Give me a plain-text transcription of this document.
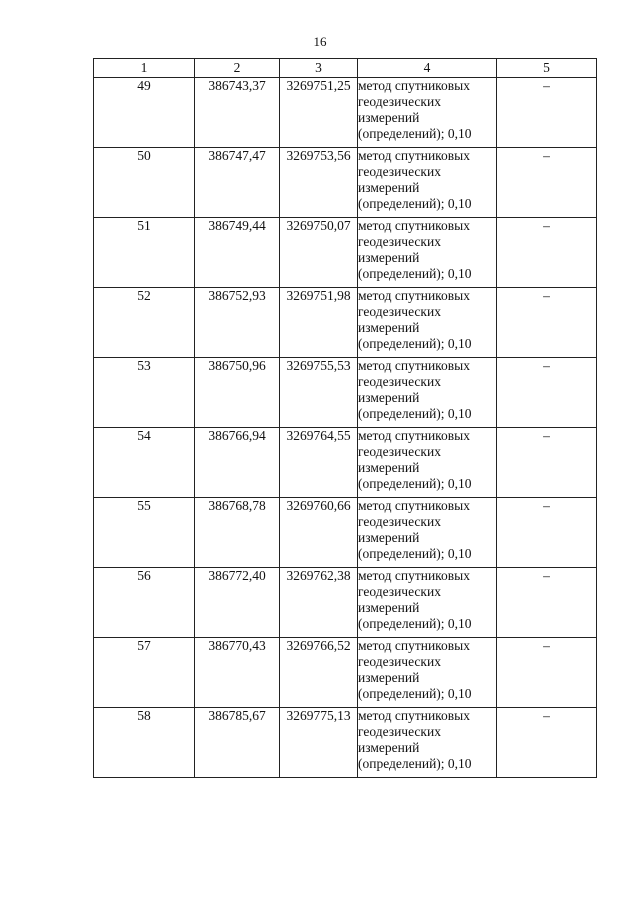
16
1	2	3	4	5
49	386743,37	3269751,25	метод спутниковых
геодезических
измерений
(определений); 0,10	–
50	386747,47	3269753,56	метод спутниковых
геодезических
измерений
(определений); 0,10	–
51	386749,44	3269750,07	метод спутниковых
геодезических
измерений
(определений); 0,10	–
52	386752,93	3269751,98	метод спутниковых
геодезических
измерений
(определений); 0,10	–
53	386750,96	3269755,53	метод спутниковых
геодезических
измерений
(определений); 0,10	–
54	386766,94	3269764,55	метод спутниковых
геодезических
измерений
(определений); 0,10	–
55	386768,78	3269760,66	метод спутниковых
геодезических
измерений
(определений); 0,10	–
56	386772,40	3269762,38	метод спутниковых
геодезических
измерений
(определений); 0,10	–
57	386770,43	3269766,52	метод спутниковых
геодезических
измерений
(определений); 0,10	–
58	386785,67	3269775,13	метод спутниковых
геодезических
измерений
(определений); 0,10	–
